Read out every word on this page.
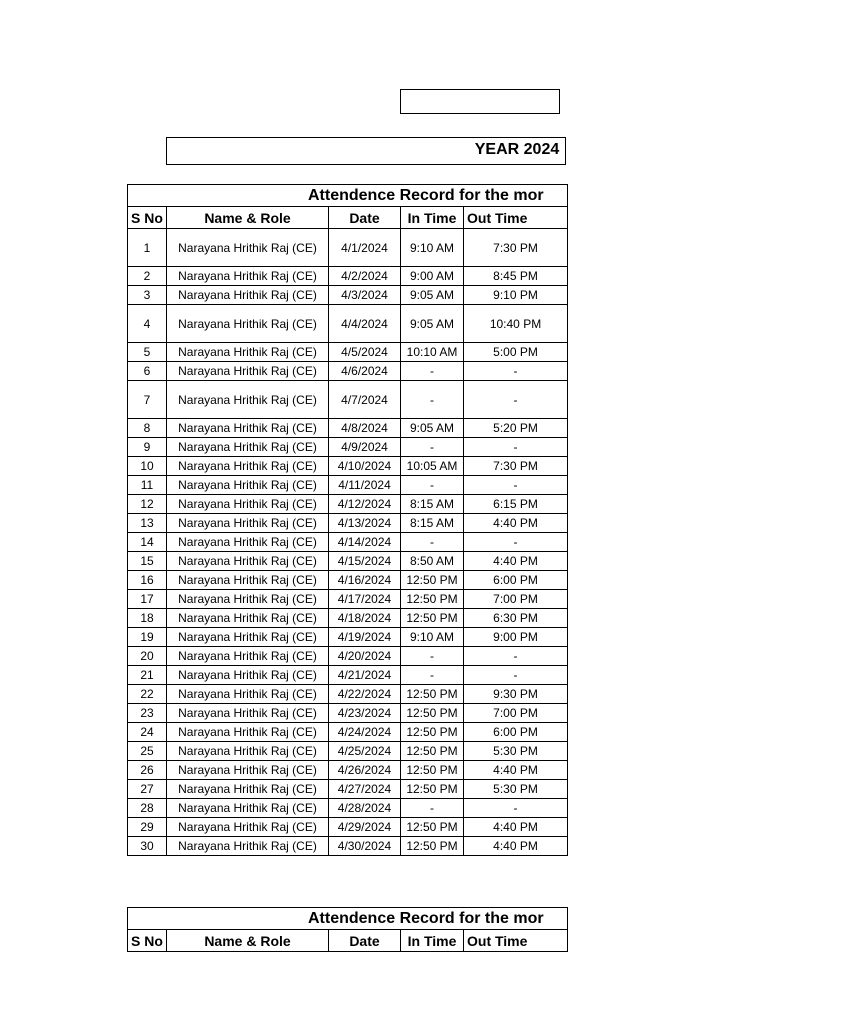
YEAR 2024
Attendence Record for the mor				
S No	Name & Role	Date	In Time	Out Time
1	Narayana Hrithik Raj (CE)	4/1/2024	9:10 AM	7:30 PM
2	Narayana Hrithik Raj (CE)	4/2/2024	9:00 AM	8:45 PM
3	Narayana Hrithik Raj (CE)	4/3/2024	9:05 AM	9:10 PM
4	Narayana Hrithik Raj (CE)	4/4/2024	9:05 AM	10:40 PM
5	Narayana Hrithik Raj (CE)	4/5/2024	10:10 AM	5:00 PM
6	Narayana Hrithik Raj (CE)	4/6/2024	-	-
7	Narayana Hrithik Raj (CE)	4/7/2024	-	-
8	Narayana Hrithik Raj (CE)	4/8/2024	9:05 AM	5:20 PM
9	Narayana Hrithik Raj (CE)	4/9/2024	-	-
10	Narayana Hrithik Raj (CE)	4/10/2024	10:05 AM	7:30 PM
11	Narayana Hrithik Raj (CE)	4/11/2024	-	-
12	Narayana Hrithik Raj (CE)	4/12/2024	8:15 AM	6:15 PM
13	Narayana Hrithik Raj (CE)	4/13/2024	8:15 AM	4:40 PM
14	Narayana Hrithik Raj (CE)	4/14/2024	-	-
15	Narayana Hrithik Raj (CE)	4/15/2024	8:50 AM	4:40 PM
16	Narayana Hrithik Raj (CE)	4/16/2024	12:50 PM	6:00 PM
17	Narayana Hrithik Raj (CE)	4/17/2024	12:50 PM	7:00 PM
18	Narayana Hrithik Raj (CE)	4/18/2024	12:50 PM	6:30 PM
19	Narayana Hrithik Raj (CE)	4/19/2024	9:10 AM	9:00 PM
20	Narayana Hrithik Raj (CE)	4/20/2024	-	-
21	Narayana Hrithik Raj (CE)	4/21/2024	-	-
22	Narayana Hrithik Raj (CE)	4/22/2024	12:50 PM	9:30 PM
23	Narayana Hrithik Raj (CE)	4/23/2024	12:50 PM	7:00 PM
24	Narayana Hrithik Raj (CE)	4/24/2024	12:50 PM	6:00 PM
25	Narayana Hrithik Raj (CE)	4/25/2024	12:50 PM	5:30 PM
26	Narayana Hrithik Raj (CE)	4/26/2024	12:50 PM	4:40 PM
27	Narayana Hrithik Raj (CE)	4/27/2024	12:50 PM	5:30 PM
28	Narayana Hrithik Raj (CE)	4/28/2024	-	-
29	Narayana Hrithik Raj (CE)	4/29/2024	12:50 PM	4:40 PM
30	Narayana Hrithik Raj (CE)	4/30/2024	12:50 PM	4:40 PM
Attendence Record for the mor
S No	Name & Role	Date	In Time	Out Time
